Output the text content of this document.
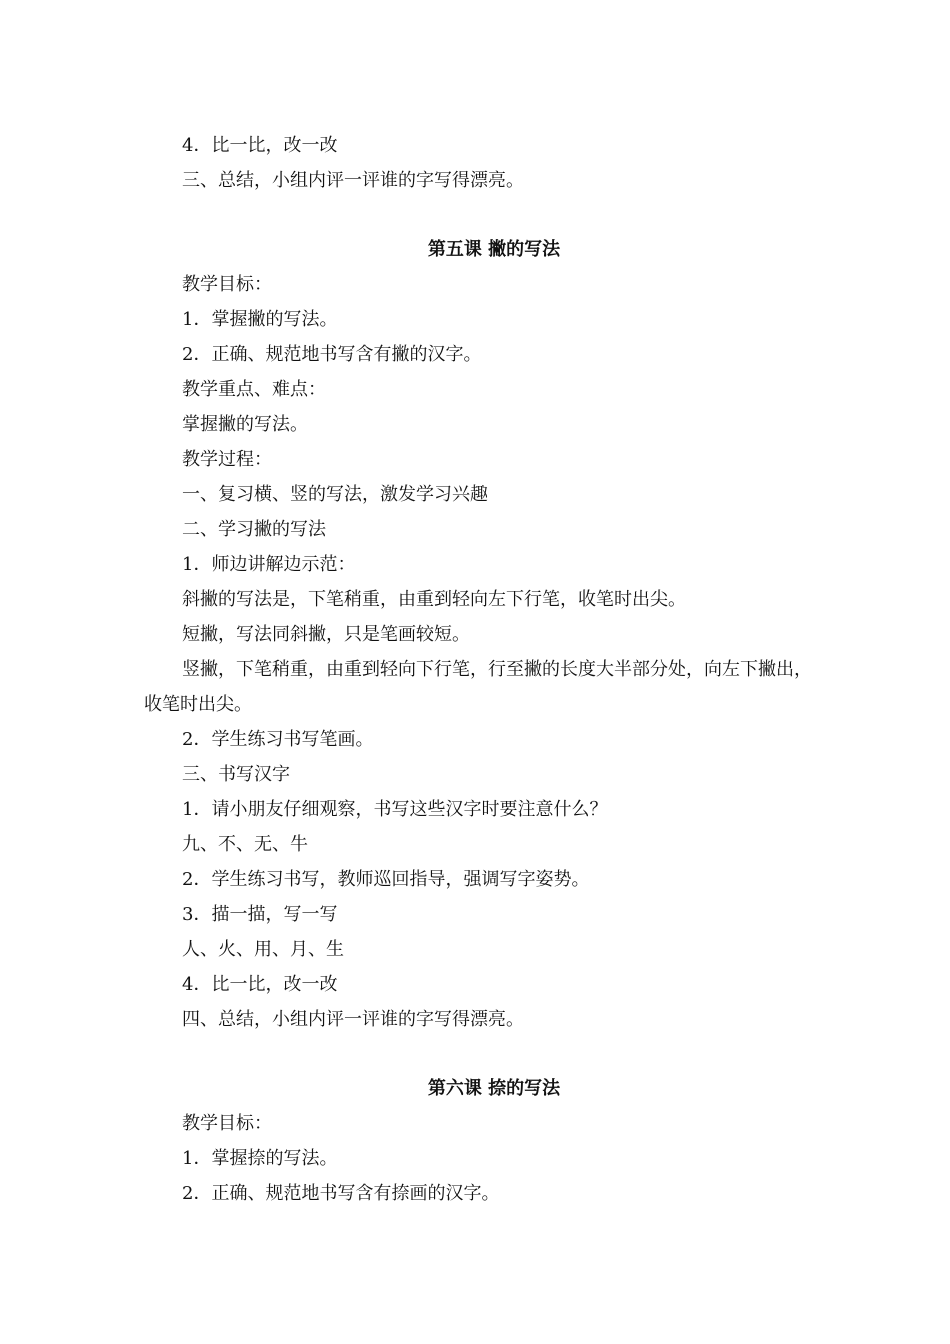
4．比一比，改一改
三、总结，小组内评一评谁的字写得漂亮。
第五课 撇的写法
教学目标：
1．掌握撇的写法。
2．正确、规范地书写含有撇的汉字。
教学重点、难点：
掌握撇的写法。
教学过程：
一、复习横、竖的写法，激发学习兴趣
二、学习撇的写法
1．师边讲解边示范：
斜撇的写法是，下笔稍重，由重到轻向左下行笔，收笔时出尖。
短撇，写法同斜撇，只是笔画较短。
竖撇，下笔稍重，由重到轻向下行笔，行至撇的长度大半部分处，向左下撇出，收笔时出尖。
2．学生练习书写笔画。
三、书写汉字
1．请小朋友仔细观察，书写这些汉字时要注意什么？
九、不、无、牛
2．学生练习书写，教师巡回指导，强调写字姿势。
3．描一描，写一写
人、火、用、月、生
4．比一比，改一改
四、总结，小组内评一评谁的字写得漂亮。
第六课 捺的写法
教学目标：
1．掌握捺的写法。
2．正确、规范地书写含有捺画的汉字。
